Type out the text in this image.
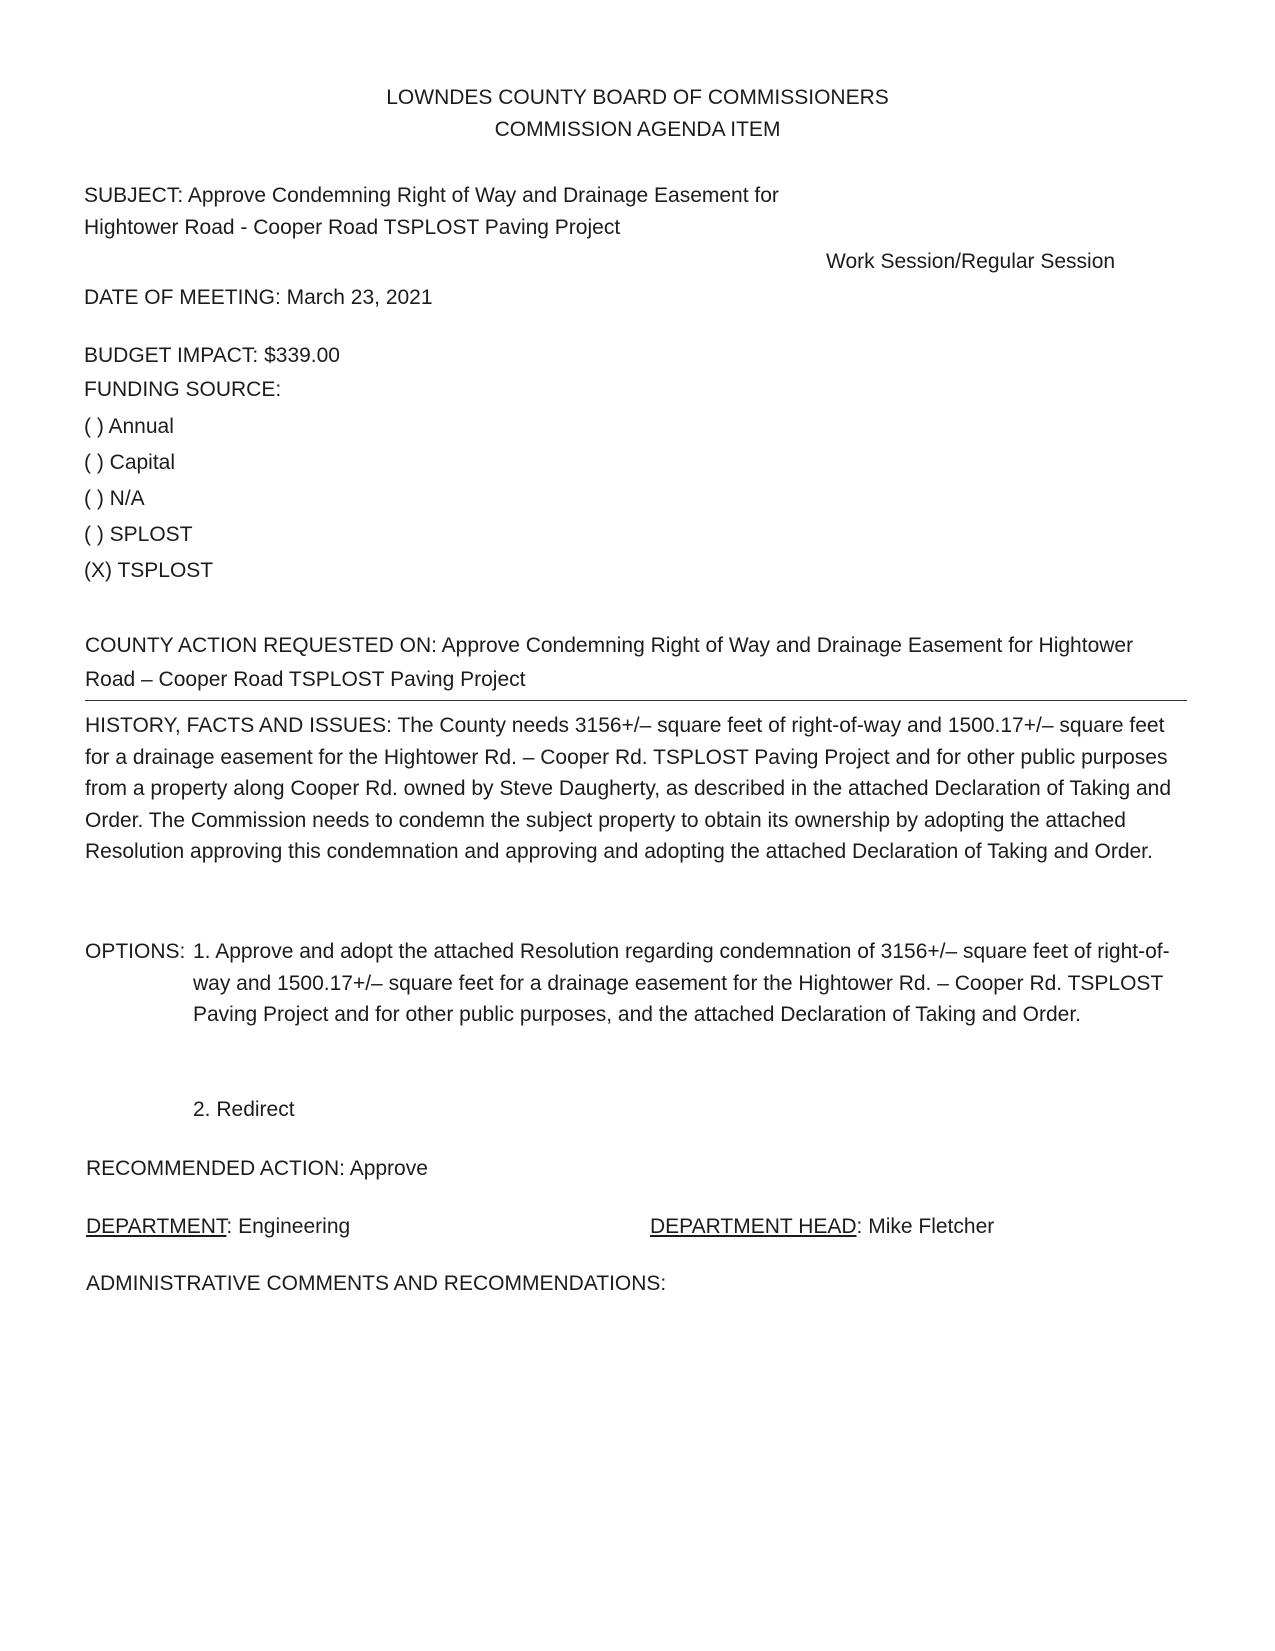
LOWNDES COUNTY BOARD OF COMMISSIONERS
COMMISSION AGENDA ITEM
SUBJECT: Approve Condemning Right of Way and Drainage Easement for
Hightower Road - Cooper Road TSPLOST Paving Project
Work Session/Regular Session
DATE OF MEETING: March 23, 2021
BUDGET IMPACT: $339.00
FUNDING SOURCE:
( ) Annual
( ) Capital
( ) N/A
( ) SPLOST
(X) TSPLOST
COUNTY ACTION REQUESTED ON: Approve Condemning Right of Way and Drainage Easement for Hightower
Road – Cooper Road TSPLOST Paving Project
HISTORY, FACTS AND ISSUES: The County needs 3156+/– square feet of right-of-way and 1500.17+/– square feet for a drainage easement for the Hightower Rd. – Cooper Rd. TSPLOST Paving Project and for other public purposes from a property along Cooper Rd. owned by Steve Daugherty, as described in the attached Declaration of Taking and Order. The Commission needs to condemn the subject property to obtain its ownership by adopting the attached Resolution approving this condemnation and approving and adopting the attached Declaration of Taking and Order.
OPTIONS: 1. Approve and adopt the attached Resolution regarding condemnation of 3156+/– square feet of right-of-way and 1500.17+/– square feet for a drainage easement for the Hightower Rd. – Cooper Rd. TSPLOST Paving Project and for other public purposes, and the attached Declaration of Taking and Order.
2. Redirect
RECOMMENDED ACTION: Approve
DEPARTMENT: Engineering	DEPARTMENT HEAD: Mike Fletcher
ADMINISTRATIVE COMMENTS AND RECOMMENDATIONS:
